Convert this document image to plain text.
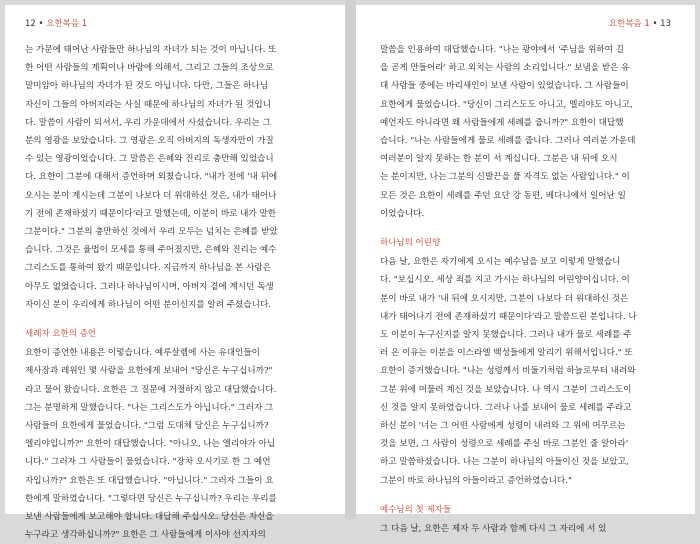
12 • 요한복음 1
는 가문에 태어난 사람들만 하나님의 자녀가 되는 것이 아닙니다. 또
한 어떤 사람들의 계획이나 바람에 의해서, 그리고 그들의 조상으로
말미암아 하나님의 자녀가 된 것도 아닙니다. 다만, 그들은 하나님
자신이 그들의 아버지라는 사실 때문에 하나님의 자녀가 된 것입니
다. 말씀이 사람이 되셔서, 우리 가운데에서 사셨습니다. 우리는 그
분의 영광을 보았습니다. 그 영광은 오직 아버지의 독생자만이 가질
수 있는 영광이었습니다. 그 말씀은 은혜와 진리로 충만해 있었습니
다. 요한이 그분에 대해서 증언하며 외쳤습니다. "내가 전에 '내 뒤에
오시는 분이 계시는데 그분이 나보다 더 위대하신 것은, 내가 태어나
기 전에 존재하셨기 때문이다'라고 말했는데, 이분이 바로 내가 말한
그분이다." 그분의 충만하신 것에서 우리 모두는 넘치는 은혜를 받았
습니다. 그것은 율법이 모세를 통해 주어졌지만, 은혜와 진리는 예수
그리스도를 통하여 왔기 때문입니다. 지금까지 하나님을 본 사람은
아무도 없었습니다. 그러나 하나님이시며, 아버지 곁에 계시던 독생
자이신 분이 우리에게 하나님이 어떤 분이신지를 알려 주셨습니다.
세례자 요한의 증언
요한이 증언한 내용은 이렇습니다. 예루살렘에 사는 유대인들이
제사장과 레위인 몇 사람을 요한에게 보내어 "당신은 누구십니까?"
라고 물어 왔습니다. 요한은 그 질문에 거절하지 않고 대답했습니다.
그는 분명하게 말했습니다. "나는 그리스도가 아닙니다." 그러자 그
사람들이 요한에게 물었습니다. "그럼 도대체 당신은 누구십니까?
엘리야입니까?" 요한이 대답했습니다. "아니오, 나는 엘리야가 아닙
니다." 그러자 그 사람들이 물었습니다. "장차 오시기로 한 그 예언
자입니까?" 요한은 또 대답했습니다. "아닙니다." 그러자 그들이 요
한에게 말하였습니다. "그렇다면 당신은 누구십니까? 우리는 우리를
보낸 사람들에게 보고해야 합니다. 대답해 주십시오. 당신은 자신을
누구라고 생각하십니까?" 요한은 그 사람들에게 이사야 선지자의
요한복음 1 • 13
말씀을 인용하여 대답했습니다. "나는 광야에서 '주님을 위하여 길
을 곧게 만들어라' 하고 외치는 사람의 소리입니다." 보냄을 받은 유
대 사람들 중에는 바리새인이 보낸 사람이 있었습니다. 그 사람들이
요한에게 물었습니다. "당신이 그리스도도 아니고, 엘리야도 아니고,
예언자도 아니라면 왜 사람들에게 세례를 줍니까?" 요한이 대답했
습니다. "나는 사람들에게 물로 세례를 줍니다. 그러나 여러분 가운데
여러분이 알지 못하는 한 분이 서 계십니다. 그분은 내 뒤에 오시
는 분이지만, 나는 그분의 신발끈을 풀 자격도 없는 사람입니다." 이
모든 것은 요한이 세례를 주던 요단 강 동편, 베다니에서 일어난 일
이었습니다.
하나님의 어린양
다음 날, 요한은 자기에게 오시는 예수님을 보고 이렇게 말했습니
다. "보십시오. 세상 죄를 지고 가시는 하나님의 어린양이십니다. 이
분이 바로 내가 '내 뒤에 오시지만, 그분이 나보다 더 위대하신 것은
내가 태어나기 전에 존재하셨기 때문이다'라고 말씀드린 분입니다. 나
도 이분이 누구신지를 알지 못했습니다. 그러나 내가 물로 세례를 주
러 온 이유는 이분을 이스라엘 백성들에게 알리기 위해서입니다." 또
요한이 증거했습니다. "나는 성령께서 비둘기처럼 하늘로부터 내려와
그분 위에 머물러 계신 것을 보았습니다. 나 역시 그분이 그리스도이
신 것을 알지 못하였습니다. 그러나 나를 보내어 물로 세례를 주라고
하신 분이 '너는 그 어떤 사람에게 성령이 내려와 그 위에 머무르는
것을 보면, 그 사람이 성령으로 세례를 주실 바로 그분인 줄 알아라'
하고 말씀하셨습니다. 나는 그분이 하나님의 아들이신 것을 보았고,
그분이 바로 하나님의 아들이라고 증언하였습니다."
예수님의 첫 제자들
그 다음 날, 요한은 제자 두 사람과 함께 다시 그 자리에 서 있
